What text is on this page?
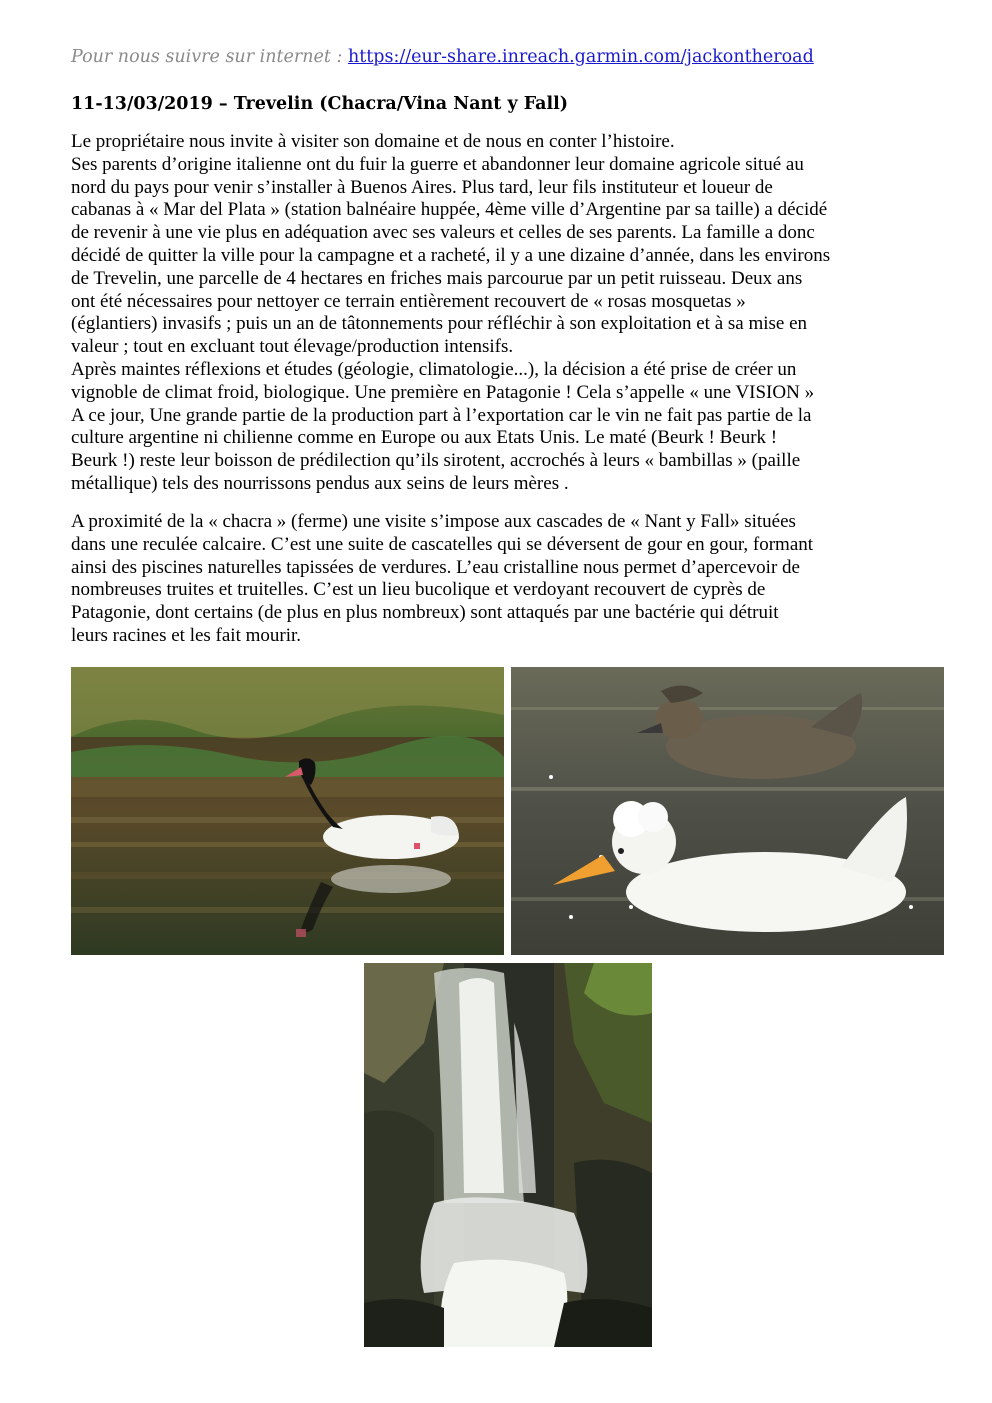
Pour nous suivre sur internet : https://eur-share.inreach.garmin.com/jackontheroad
11-13/03/2019 – Trevelin (Chacra/Vina Nant y Fall)
Le propriétaire nous invite à visiter son domaine et de nous en conter l’histoire.
Ses parents d’origine italienne ont du fuir la guerre et abandonner leur domaine agricole situé au
nord du pays pour venir s’installer à Buenos Aires. Plus tard, leur fils instituteur et loueur de
cabanas à « Mar del Plata » (station balnéaire huppée, 4ème ville d’Argentine par sa taille) a décidé
de revenir à une vie plus en adéquation avec ses valeurs et celles de ses parents. La famille a donc
décidé de quitter la ville pour la campagne et a racheté, il y a une dizaine d’année, dans les environs
de Trevelin, une parcelle de 4 hectares en friches mais parcourue par un petit ruisseau. Deux ans
ont été nécessaires pour nettoyer ce terrain entièrement recouvert de « rosas mosquetas »
(églantiers) invasifs ; puis un an de tâtonnements pour réfléchir à son exploitation et à sa mise en
valeur ; tout en excluant tout élevage/production intensifs.
Après maintes réflexions et études (géologie, climatologie...), la décision a été prise de créer un
vignoble de climat froid, biologique. Une première en Patagonie ! Cela s’appelle « une VISION »
A ce jour, Une grande partie de la production part à l’exportation car le vin ne fait pas partie de la
culture argentine ni chilienne comme en Europe ou aux Etats Unis. Le maté (Beurk ! Beurk !
Beurk !) reste leur boisson de prédilection qu’ils sirotent, accrochés à leurs « bambillas » (paille
métallique) tels des nourrissons pendus aux seins de leurs mères .
A proximité de la « chacra » (ferme) une visite s’impose aux cascades de « Nant y Fall» situées
dans une reculée calcaire. C’est une suite de cascatelles qui se déversent de gour en gour, formant
ainsi des piscines naturelles tapissées de verdures. L’eau cristalline nous permet d’apercevoir de
nombreuses truites et truitelles. C’est un lieu bucolique et verdoyant recouvert de cyprès de
Patagonie, dont certains (de plus en plus nombreux) sont attaqués par une bactérie qui détruit
leurs racines et les fait mourir.
